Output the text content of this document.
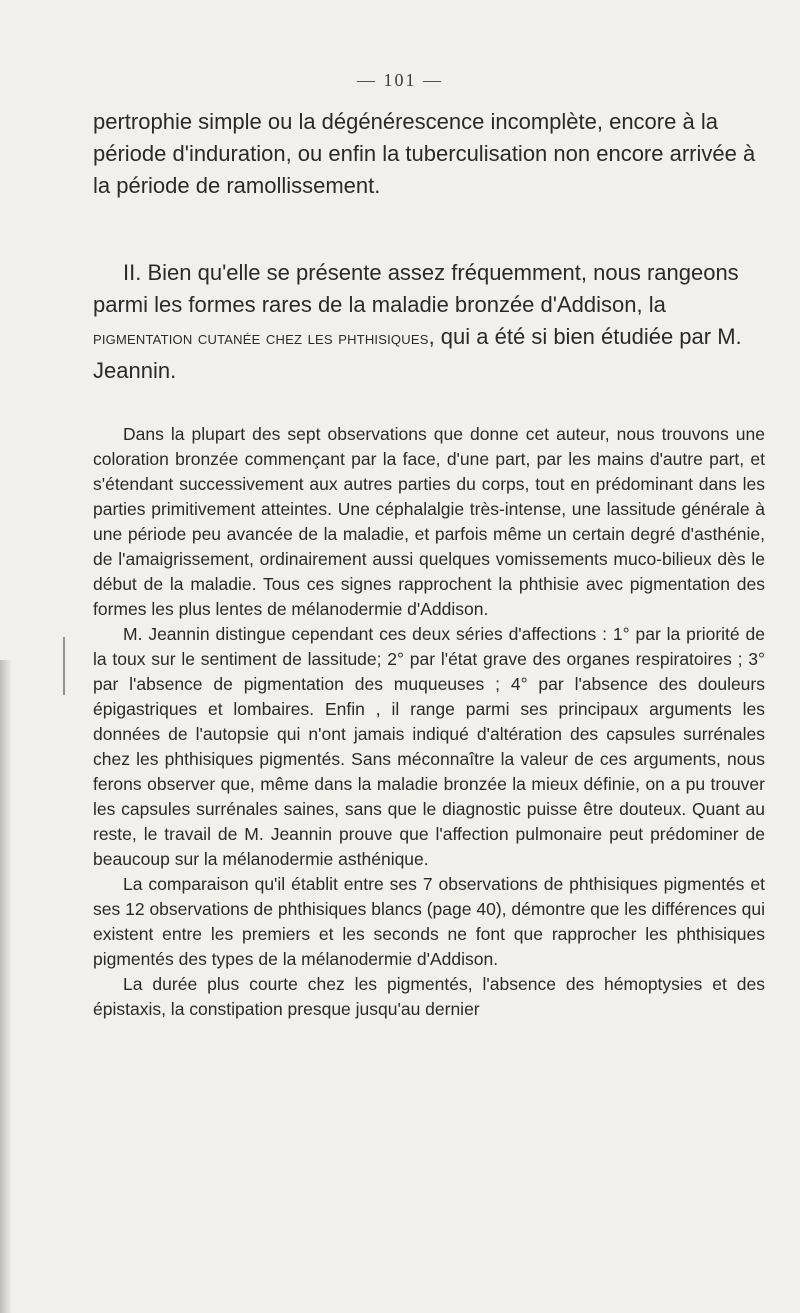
— 101 —

pertrophie simple ou la dégénérescence incomplète, encore à la période d'induration, ou enfin la tuberculisation non encore arrivée à la période de ramollissement.

II. Bien qu'elle se présente assez fréquemment, nous rangeons parmi les formes rares de la maladie bronzée d'Addison, la pigmentation cutanée chez les phthisiques, qui a été si bien étudiée par M. Jeannin.

Dans la plupart des sept observations que donne cet auteur, nous trouvons une coloration bronzée commençant par la face, d'une part, par les mains d'autre part, et s'étendant successivement aux autres parties du corps, tout en prédominant dans les parties primitivement atteintes. Une céphalalgie très-intense, une lassitude générale à une période peu avancée de la maladie, et parfois même un certain degré d'asthénie, de l'amaigrissement, ordinairement aussi quelques vomissements muco-bilieux dès le début de la maladie. Tous ces signes rapprochent la phthisie avec pigmentation des formes les plus lentes de mélanodermie d'Addison.

M. Jeannin distingue cependant ces deux séries d'affections : 1° par la priorité de la toux sur le sentiment de lassitude; 2° par l'état grave des organes respiratoires ; 3° par l'absence de pigmentation des muqueuses ; 4° par l'absence des douleurs épigastriques et lombaires. Enfin , il range parmi ses principaux arguments les données de l'autopsie qui n'ont jamais indiqué d'altération des capsules surrénales chez les phthisiques pigmentés. Sans méconnaître la valeur de ces arguments, nous ferons observer que, même dans la maladie bronzée la mieux définie, on a pu trouver les capsules surrénales saines, sans que le diagnostic puisse être douteux. Quant au reste, le travail de M. Jeannin prouve que l'affection pulmonaire peut prédominer de beaucoup sur la mélanodermie asthénique.

La comparaison qu'il établit entre ses 7 observations de phthisiques pigmentés et ses 12 observations de phthisiques blancs (page 40), démontre que les différences qui existent entre les premiers et les seconds ne font que rapprocher les phthisiques pigmentés des types de la mélanodermie d'Addison.

La durée plus courte chez les pigmentés, l'absence des hémoptysies et des épistaxis, la constipation presque jusqu'au dernier
